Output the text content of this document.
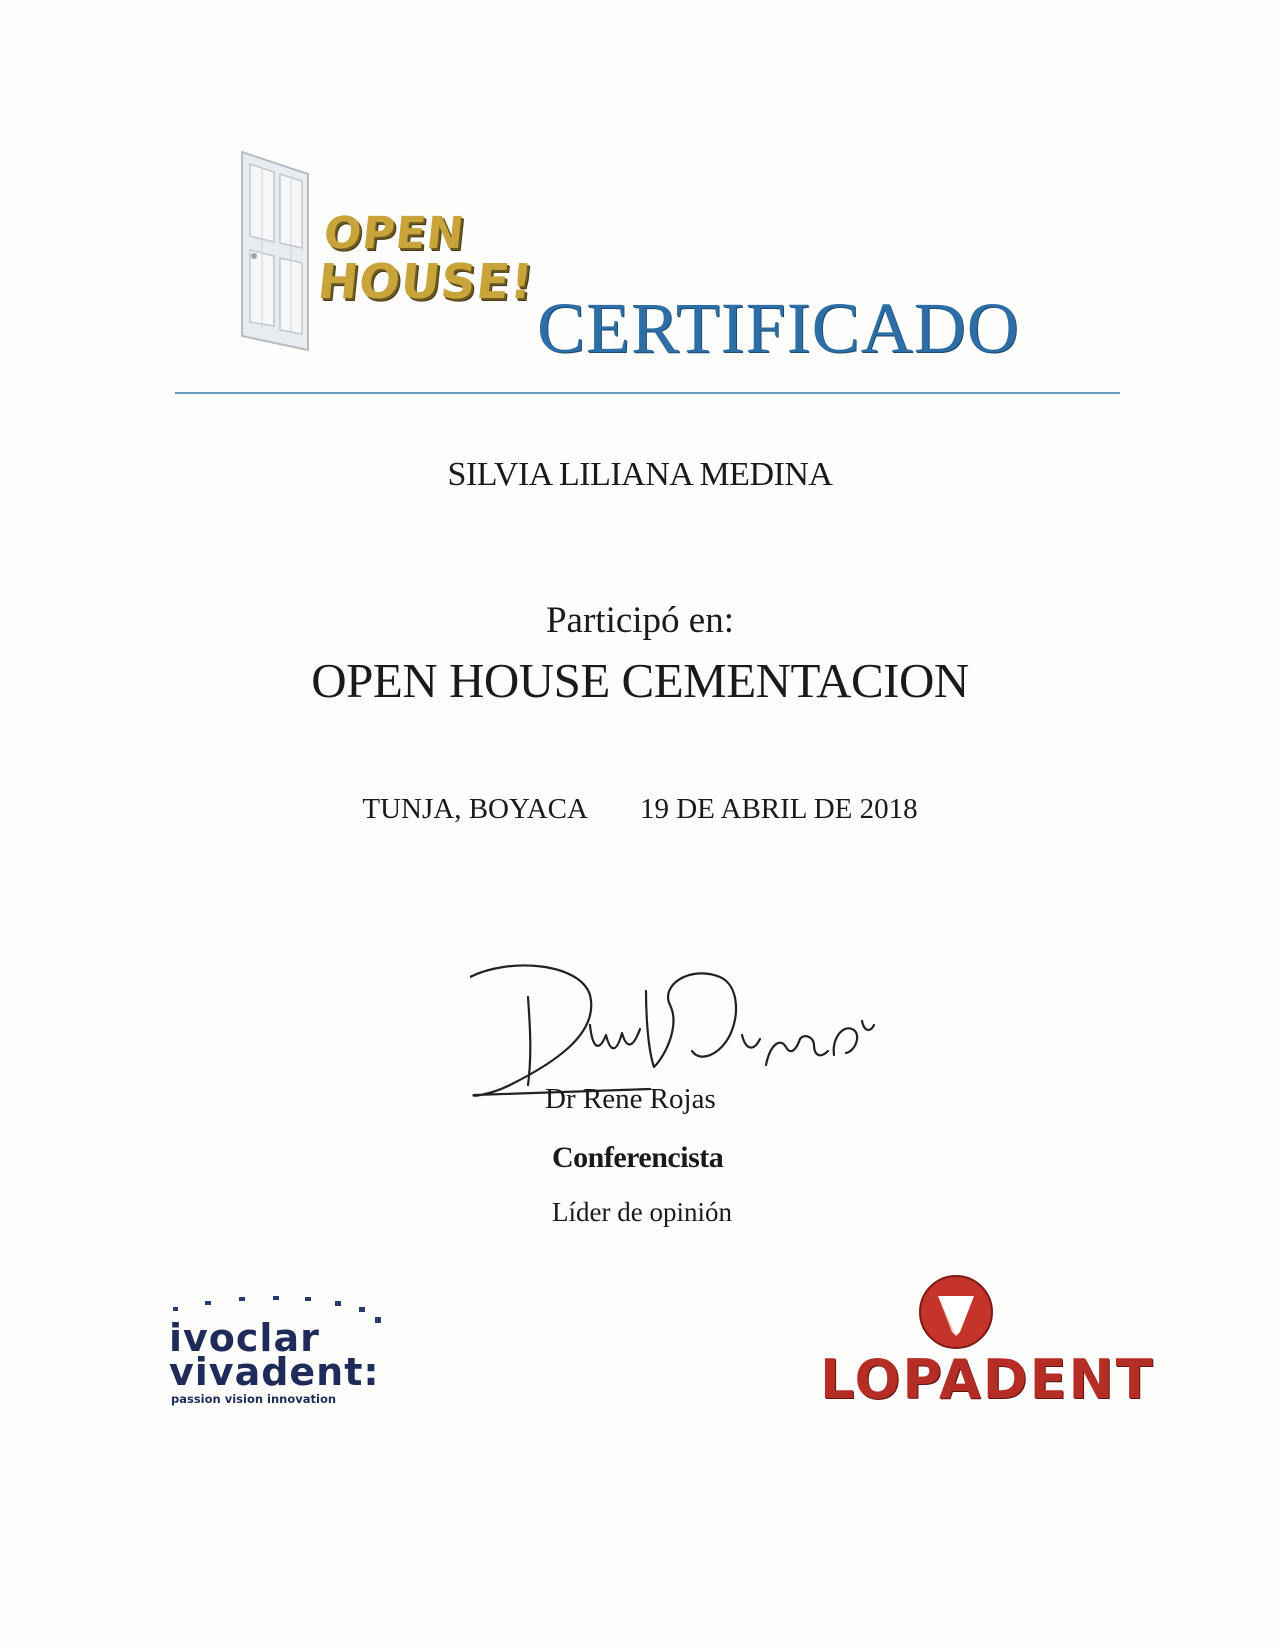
OPEN
HOUSE!
CERTIFICADO
SILVIA LILIANA MEDINA
Participó en:
OPEN HOUSE CEMENTACION
TUNJA, BOYACA 19 DE ABRIL DE 2018
Dr Rene Rojas
Conferencista
Líder de opinión
ivoclar
vivadent:
passion vision innovation	LOPADENT
